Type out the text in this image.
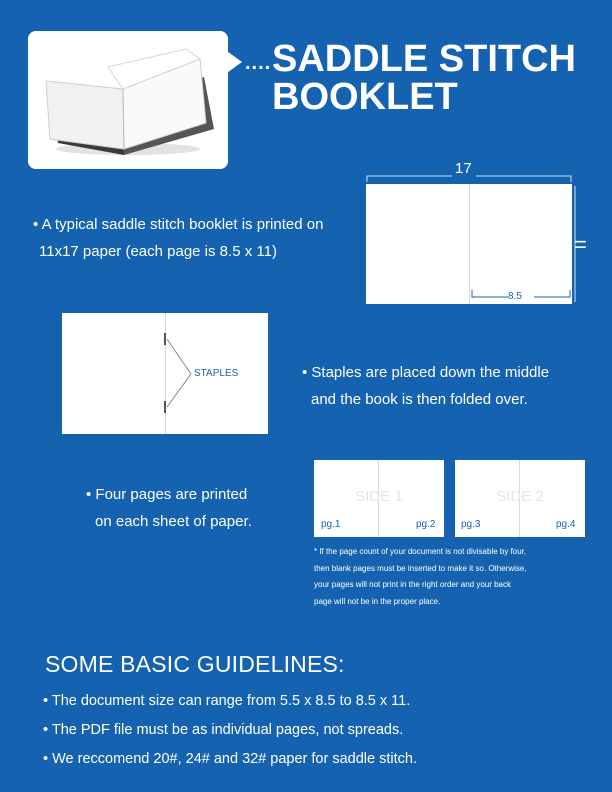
.... SADDLE STITCH
BOOKLET
• A typical saddle stitch booklet is printed on
11x17 paper (each page is 8.5 x 11)
17
8.5
=
STAPLES	• Staples are placed down the middle
and the book is then folded over.
• Four pages are printed
on each sheet of paper.
SIDE 1
pg.1	pg.2
SIDE 2
pg.3	pg.4
* If the page count of your document is not divisable by four,
then blank pages must be inserted to make it so. Otherwise,
your pages will not print in the right order and your back
page will not be in the proper place.
SOME BASIC GUIDELINES:
• The document size can range from 5.5 x 8.5 to 8.5 x 11.
• The PDF file must be as individual pages, not spreads.
• We reccomend 20#, 24# and 32# paper for saddle stitch.
